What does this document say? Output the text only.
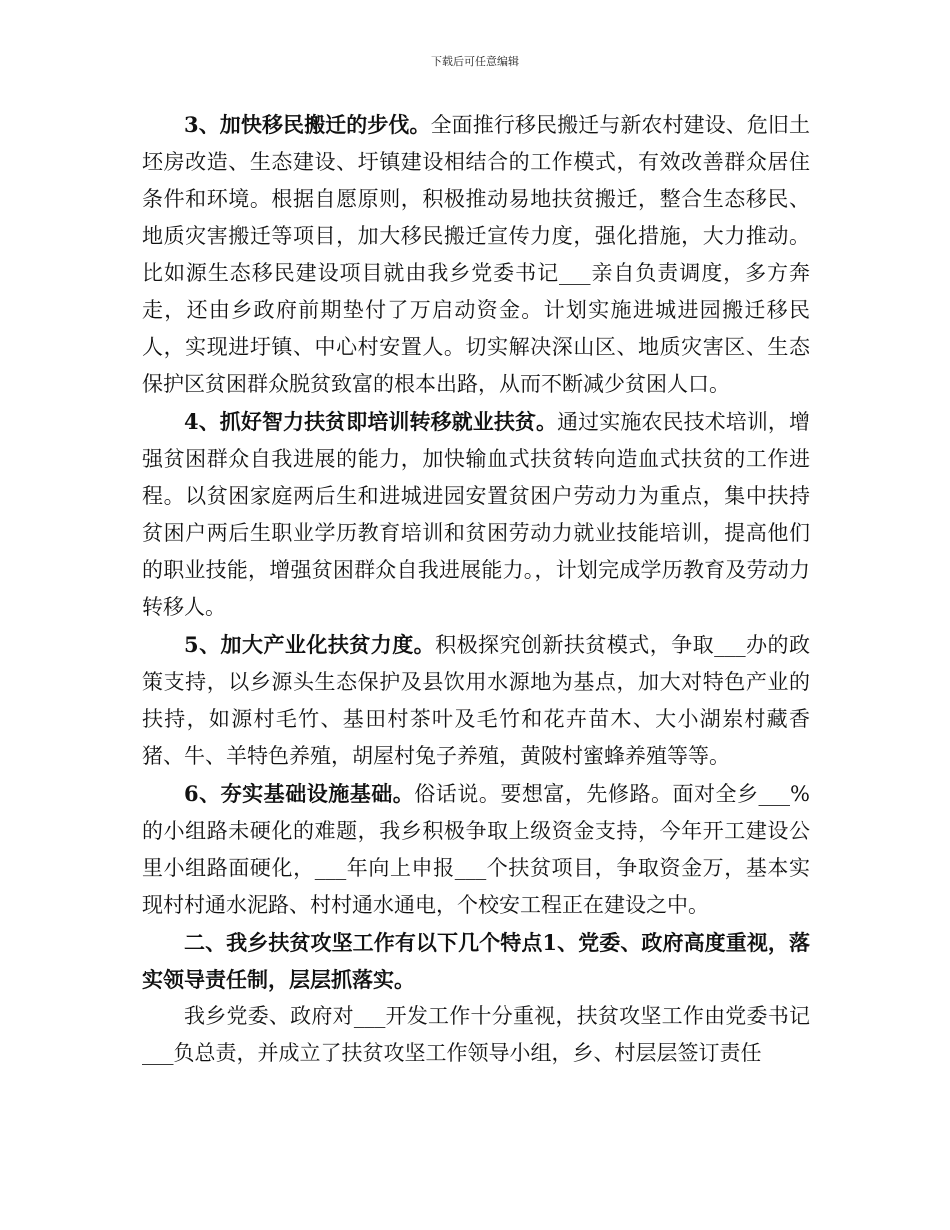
下载后可任意编辑

3、加快移民搬迁的步伐。全面推行移民搬迁与新农村建设、危旧土坯房改造、生态建设、圩镇建设相结合的工作模式，有效改善群众居住条件和环境。根据自愿原则，积极推动易地扶贫搬迁，整合生态移民、地质灾害搬迁等项目，加大移民搬迁宣传力度，强化措施，大力推动。比如源生态移民建设项目就由我乡党委书记___亲自负责调度，多方奔走，还由乡政府前期垫付了万启动资金。计划实施进城进园搬迁移民人，实现进圩镇、中心村安置人。切实解决深山区、地质灾害区、生态保护区贫困群众脱贫致富的根本出路，从而不断减少贫困人口。

4、抓好智力扶贫即培训转移就业扶贫。通过实施农民技术培训，增强贫困群众自我进展的能力，加快输血式扶贫转向造血式扶贫的工作进程。以贫困家庭两后生和进城进园安置贫困户劳动力为重点，集中扶持贫困户两后生职业学历教育培训和贫困劳动力就业技能培训，提高他们的职业技能，增强贫困群众自我进展能力。，计划完成学历教育及劳动力转移人。

5、加大产业化扶贫力度。积极探究创新扶贫模式，争取___办的政策支持，以乡源头生态保护及县饮用水源地为基点，加大对特色产业的扶持，如源村毛竹、基田村茶叶及毛竹和花卉苗木、大小湖岽村藏香猪、牛、羊特色养殖，胡屋村兔子养殖，黄陂村蜜蜂养殖等等。

6、夯实基础设施基础。俗话说。要想富，先修路。面对全乡___%的小组路未硬化的难题，我乡积极争取上级资金支持，今年开工建设公里小组路面硬化，___年向上申报___个扶贫项目，争取资金万，基本实现村村通水泥路、村村通水通电，个校安工程正在建设之中。

二、我乡扶贫攻坚工作有以下几个特点1、党委、政府高度重视，落实领导责任制，层层抓落实。

我乡党委、政府对___开发工作十分重视，扶贫攻坚工作由党委书记___负总责，并成立了扶贫攻坚工作领导小组，乡、村层层签订责任
